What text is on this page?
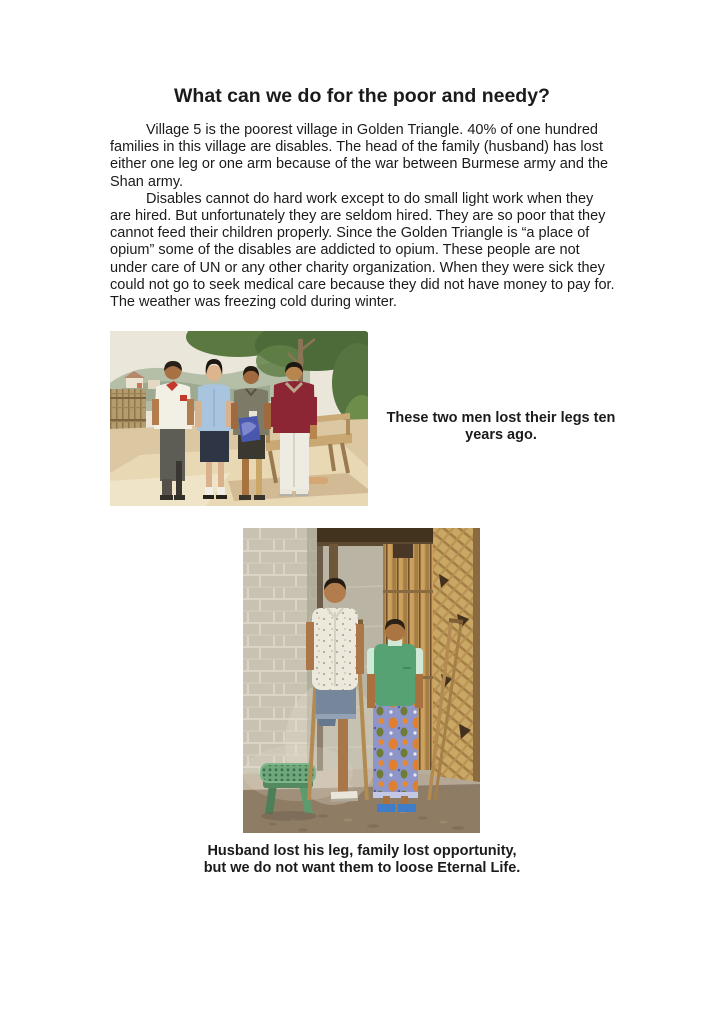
What can we do for the poor and needy?

Village 5 is the poorest village in Golden Triangle. 40% of one hundred families in this village are disables. The head of the family (husband) has lost either one leg or one arm because of the war between Burmese army and the Shan army.

Disables cannot do hard work except to do small light work when they are hired. But unfortunately they are seldom hired. They are so poor that they cannot feed their children properly. Since the Golden Triangle is “a place of opium” some of the disables are addicted to opium. These people are not under care of UN or any other charity organization. When they were sick they could not go to seek medical care because they did not have money to pay for. The weather was freezing cold during winter.

These two men lost their legs ten
years ago.
Husband lost his leg, family lost opportunity,
but we do not want them to loose Eternal Life.
